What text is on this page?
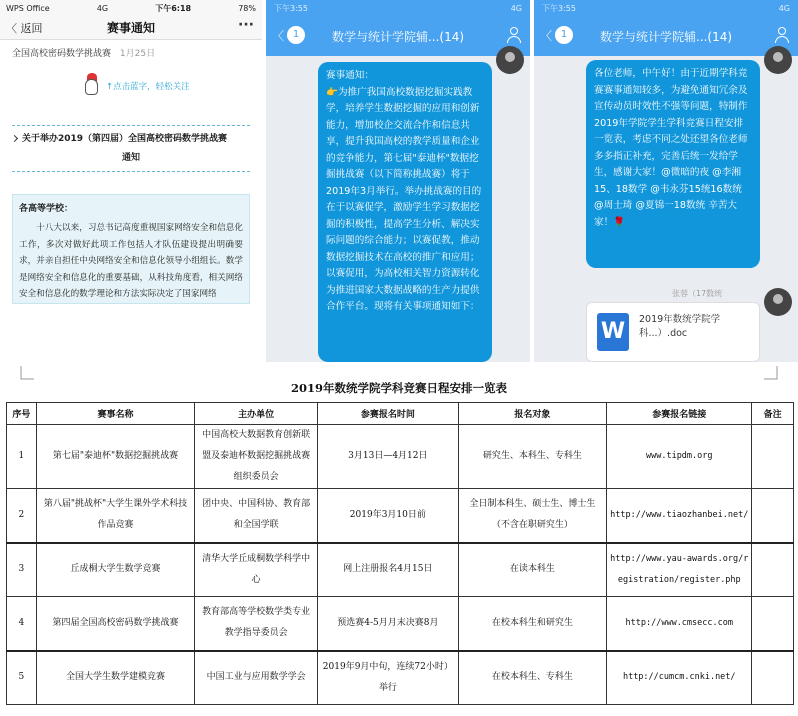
WPS Office	4G	下午6:18	78%
〈 返回	赛事通知	···
全国高校密码数学挑战赛 1月25日
↑点击蓝字，轻松关注
关于举办2019（第四届）全国高校密码数学挑战赛
通知
各高等学校：
十八大以来，习总书记高度重视国家网络安全和信息化工作，多次对做好此项工作包括人才队伍建设提出明确要求，并亲自担任中央网络安全和信息化领导小组组长。数学是网络安全和信息化的重要基础，从科技角度看，相关网络安全和信息化的数学理论和方法实际决定了国家网络
下午3:55	4G
〈 1	数学与统计学院辅...(14)
赛事通知：
👉为推广我国高校数据挖掘实践教学，培养学生数据挖掘的应用和创新能力，增加校企交流合作和信息共享，提升我国高校的教学质量和企业的竞争能力，第七届"泰迪杯"数据挖掘挑战赛（以下简称挑战赛）将于2019年3月举行。举办挑战赛的目的在于以赛促学，激励学生学习数据挖掘的积极性，提高学生分析、解决实际问题的综合能力；以赛促教，推动数据挖掘技术在高校的推广和应用；以赛促用，为高校相关智力资源转化为推进国家大数据战略的生产力提供合作平台。现将有关事项通知如下：
下午3:55	4G
〈 1	数学与统计学院辅...(14)
各位老师，中午好！由于近期学科竞赛赛事通知较多，为避免通知冗余及宣传动员时效性不强等问题，特制作2019年学院学生学科竞赛日程安排一览表，考虑不同之处还望各位老师多多指正补充，完善后统一发给学生，感谢大家！@微暗的夜 @李湘15、18数学 @韦永芬15统16数统 @周士琦 @夏锦一18数统 辛苦大家！🌹
张蓉（17数统
W	2019年数统学院学科...）.doc
2019年数统学院学科竞赛日程安排一览表
序号	赛事名称	主办单位	参赛报名时间	报名对象	参赛报名链接	备注
1	第七届"泰迪杯"数据挖掘挑战赛	中国高校大数据教育创新联盟及泰迪杯数据挖掘挑战赛组织委员会	3月13日—4月12日	研究生、本科生、专科生	www.tipdm.org	
2	第八届"挑战杯"大学生课外学术科技作品竞赛	团中央、中国科协、教育部和全国学联	2019年3月10日前	全日制本科生、硕士生、博士生（不含在职研究生）	http://www.tiaozhanbei.net/	
3	丘成桐大学生数学竞赛	清华大学丘成桐数学科学中心	网上注册报名4月15日	在读本科生	http://www.yau-awards.org/registration/register.php	
4	第四届全国高校密码数学挑战赛	教育部高等学校数学类专业教学指导委员会	预选赛4-5月月末决赛8月	在校本科生和研究生	http://www.cmsecc.com	
5	全国大学生数学建模竞赛	中国工业与应用数学学会	2019年9月中旬，连续72小时）举行	在校本科生、专科生	http://cumcm.cnki.net/	
